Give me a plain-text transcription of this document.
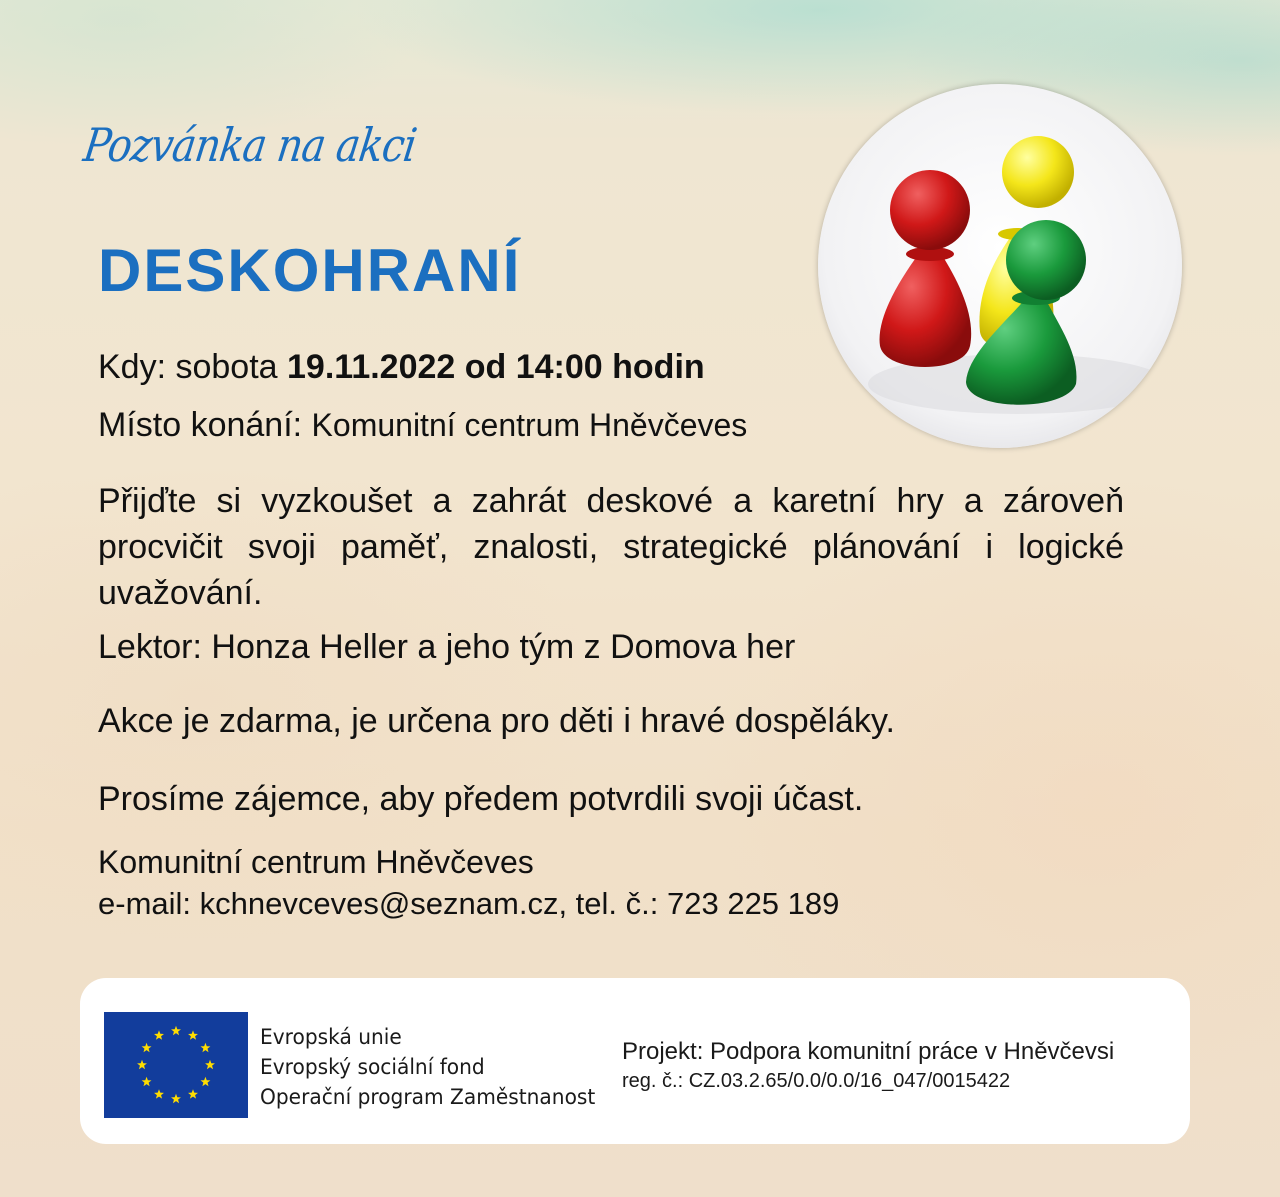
Pozvánka na akci
DESKOHRANÍ
Kdy: sobota 19.11.2022 od 14:00 hodin
Místo konání: Komunitní centrum Hněvčeves

Přijďte si vyzkoušet a zahrát deskové a karetní hry a zároveň procvičit svoji paměť, znalosti, strategické plánování i logické uvažování.

Lektor: Honza Heller a jeho tým z Domova her
Akce je zdarma, je určena pro děti i hravé dospěláky.
Prosíme zájemce, aby předem potvrdili svoji účast.
Komunitní centrum Hněvčeves
e-mail: kchnevceves@seznam.cz, tel. č.: 723 225 189
Evropská unie
Evropský sociální fond
Operační program Zaměstnanost
Projekt: Podpora komunitní práce v Hněvčevsi
reg. č.: CZ.03.2.65/0.0/0.0/16_047/0015422
